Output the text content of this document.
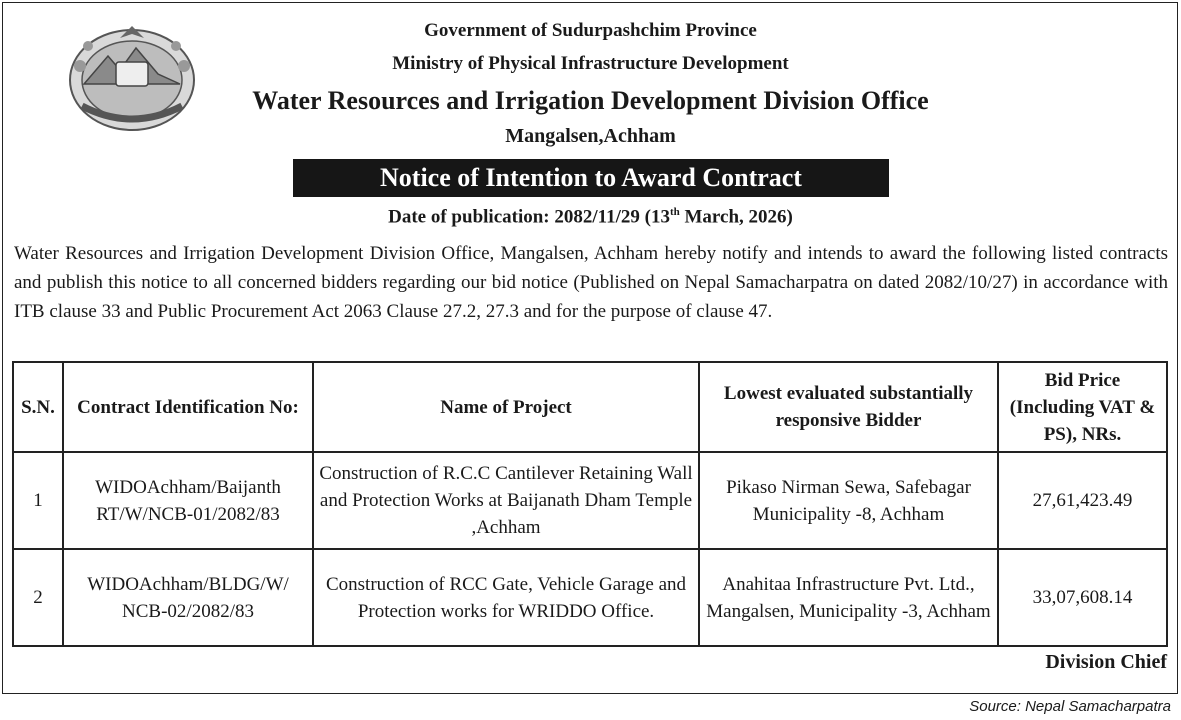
Government of Sudurpashchim Province
Ministry of Physical Infrastructure Development
Water Resources and Irrigation Development Division Office
Mangalsen,Achham
Notice of Intention to Award Contract
Date of publication: 2082/11/29 (13th March, 2026)

Water Resources and Irrigation Development Division Office, Mangalsen, Achham hereby notify and intends to award the following listed contracts and publish this notice to all concerned bidders regarding our bid notice (Published on Nepal Samacharpatra on dated 2082/10/27) in accordance with ITB clause 33 and Public Procurement Act 2063 Clause 27.2, 27.3 and for the purpose of clause 47.

S.N.	Contract Identification No:	Name of Project	Lowest evaluated substantially responsive Bidder	Bid Price (Including VAT & PS), NRs.
1	WIDOAchham/Baijanth RT/W/NCB-01/2082/83	Construction of R.C.C Cantilever Retaining Wall and Protection Works at Baijanath Dham Temple ,Achham	Pikaso Nirman Sewa, Safebagar Municipality -8, Achham	27,61,423.49
2	WIDOAchham/BLDG/W/ NCB-02/2082/83	Construction of RCC Gate, Vehicle Garage and Protection works for WRIDDO Office.	Anahitaa Infrastructure Pvt. Ltd., Mangalsen, Municipality -3, Achham	33,07,608.14
Division Chief
Source: Nepal Samacharpatra
